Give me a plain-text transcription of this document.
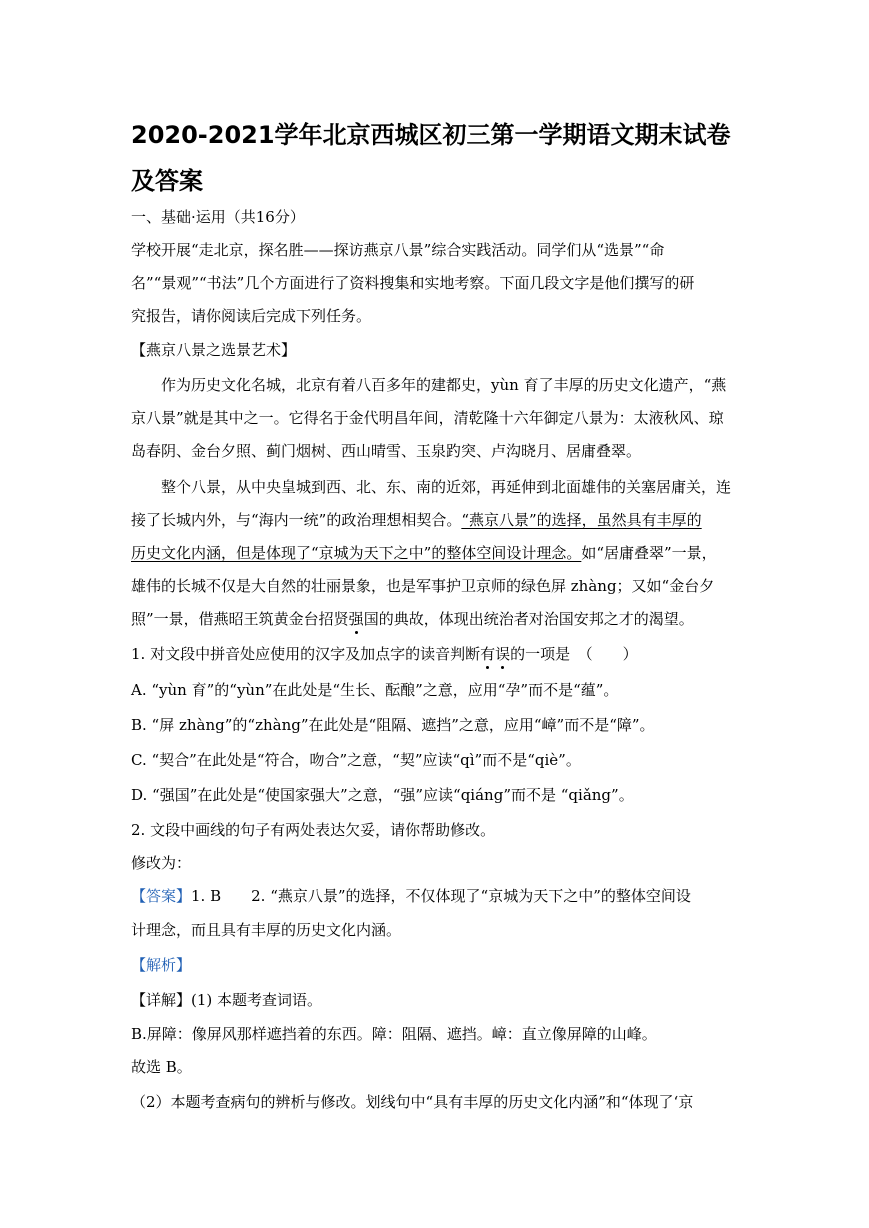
2020-2021学年北京西城区初三第一学期语文期末试卷及答案
一、基础·运用（共16分）
学校开展“走北京，探名胜——探访燕京八景”综合实践活动。同学们从“选景”“命
名”“景观”“书法”几个方面进行了资料搜集和实地考察。下面几段文字是他们撰写的研
究报告，请你阅读后完成下列任务。
【燕京八景之选景艺术】
作为历史文化名城，北京有着八百多年的建都史，yùn 育了丰厚的历史文化遗产，“燕
京八景”就是其中之一。它得名于金代明昌年间，清乾隆十六年御定八景为：太液秋风、琼
岛春阴、金台夕照、蓟门烟树、西山晴雪、玉泉趵突、卢沟晓月、居庸叠翠。
整个八景，从中央皇城到西、北、东、南的近郊，再延伸到北面雄伟的关塞居庸关，连
接了长城内外，与“海内一统”的政治理想相契合。“燕京八景”的选择，虽然具有丰厚的
历史文化内涵，但是体现了“京城为天下之中”的整体空间设计理念。如“居庸叠翠”一景，
雄伟的长城不仅是大自然的壮丽景象，也是军事护卫京师的绿色屏 zhàng；又如“金台夕
照”一景，借燕昭王筑黄金台招贤强国的典故，体现出统治者对治国安邦之才的渴望。
1. 对文段中拼音处应使用的汉字及加点字的读音判断有误的一项是　（　　）
A. “yùn 育”的“yùn”在此处是“生长、酝酿”之意，应用“孕”而不是“蕴”。
B. “屏 zhàng”的“zhàng”在此处是“阻隔、遮挡”之意，应用“嶂”而不是“障”。
C. “契合”在此处是“符合，吻合”之意，“契”应读“qì”而不是“qiè”。
D. “强国”在此处是“使国家强大”之意，“强”应读“qiáng”而不是 “qiǎng”。
2. 文段中画线的句子有两处表达欠妥，请你帮助修改。
修改为：
【答案】1. B　　2. “燕京八景”的选择，不仅体现了“京城为天下之中”的整体空间设
计理念，而且具有丰厚的历史文化内涵。
【解析】
【详解】(1) 本题考查词语。
B.屏障：像屏风那样遮挡着的东西。障：阻隔、遮挡。嶂：直立像屏障的山峰。
故选 B。
（2）本题考查病句的辨析与修改。划线句中“具有丰厚的历史文化内涵”和“体现了‘京
